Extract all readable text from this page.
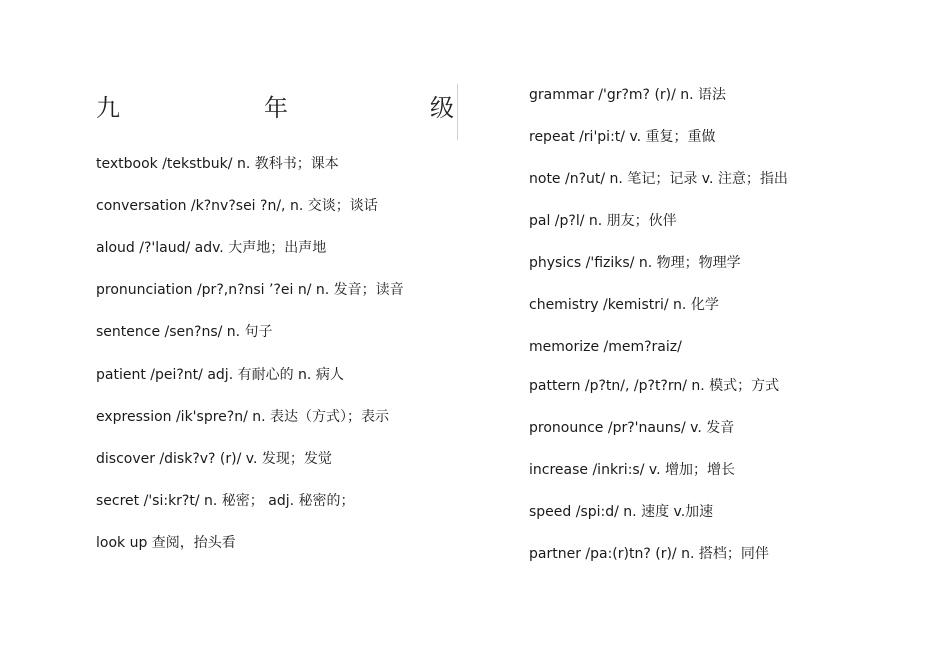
九	年	级
textbook /tekstbuk/ n. 教科书；课本
conversation /k?nv?sei ?n/, n. 交谈；谈话
aloud /?'laud/ adv. 大声地；出声地
pronunciation /pr?,n?nsi ’?ei n/ n. 发音；读音
sentence /sen?ns/ n. 句子
patient /pei?nt/ adj. 有耐心的 n. 病人
expression /ik'spre?n/ n. 表达（方式）；表示
discover /disk?v? (r)/ v. 发现；发觉
secret /'si:kr?t/ n. 秘密； adj. 秘密的；
look up 查阅，抬头看
grammar /'gr?m? (r)/ n. 语法
repeat /ri'pi:t/ v. 重复；重做
note /n?ut/ n. 笔记；记录 v. 注意；指出
pal /p?l/ n. 朋友；伙伴
physics /'fiziks/ n. 物理；物理学
chemistry /kemistri/ n. 化学
memorize /mem?raiz/
pattern /p?tn/, /p?t?rn/ n. 模式；方式
pronounce /pr?'nauns/ v. 发音
increase /inkri:s/ v. 增加；增长
speed /spi:d/ n. 速度 v.加速
partner /pa:(r)tn? (r)/ n. 搭档；同伴
